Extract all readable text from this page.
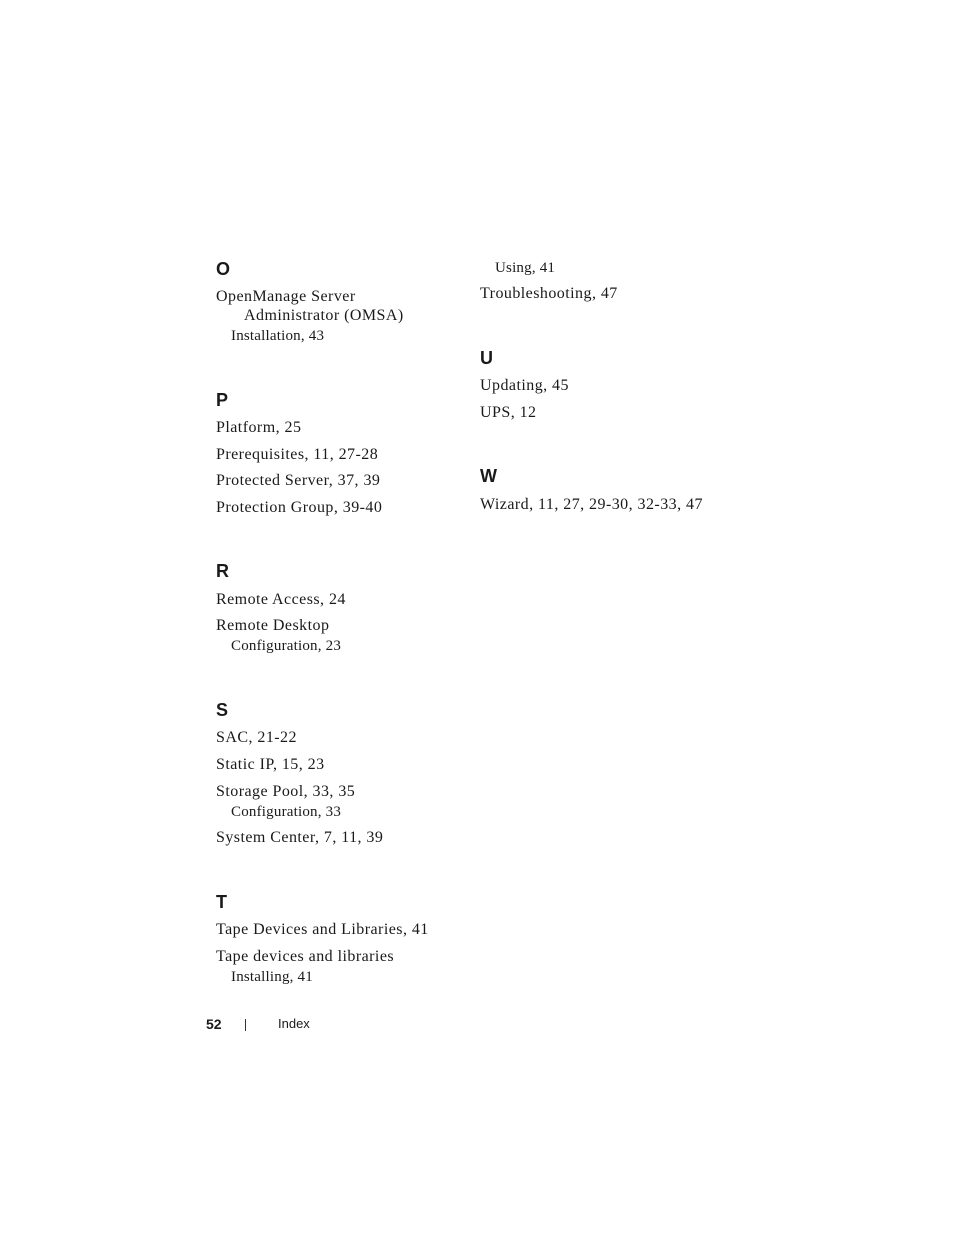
O
OpenManage Server
Administrator (OMSA)
Installation, 43
P
Platform, 25
Prerequisites, 11, 27-28
Protected Server, 37, 39
Protection Group, 39-40
R
Remote Access, 24
Remote Desktop
Configuration, 23
S
SAC, 21-22
Static IP, 15, 23
Storage Pool, 33, 35
Configuration, 33
System Center, 7, 11, 39
T
Tape Devices and Libraries, 41
Tape devices and libraries
Installing, 41
Using, 41
Troubleshooting, 47
U
Updating, 45
UPS, 12
W
Wizard, 11, 27, 29-30, 32-33, 47
52	Index
